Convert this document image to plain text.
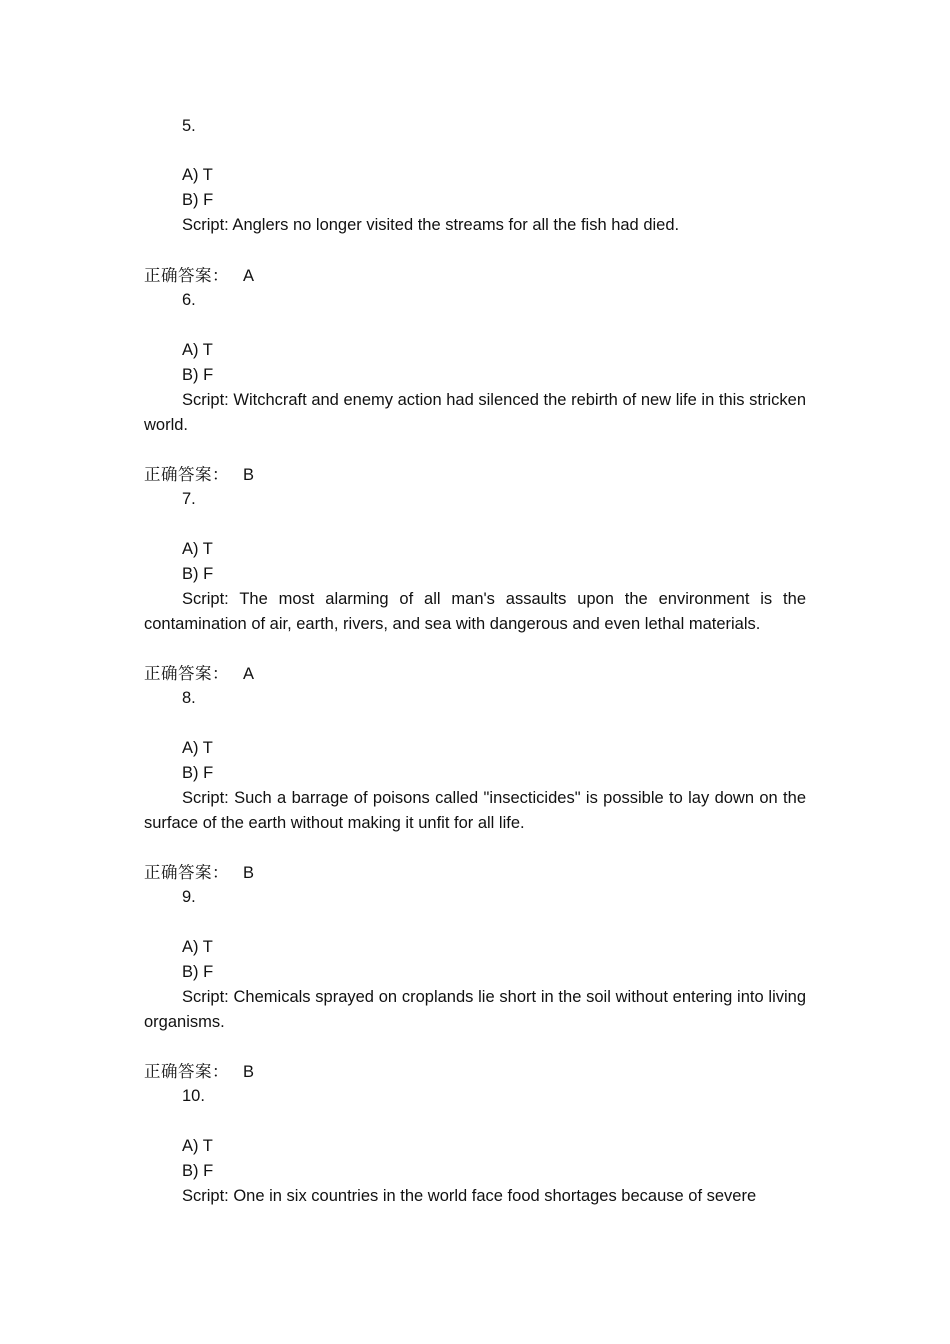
5.
A) T
B) F
Script: Anglers no longer visited the streams for all the fish had died.
正确答案： A
6.
A) T
B) F
Script: Witchcraft and enemy action had silenced the rebirth of new life in this stricken world.
正确答案： B
7.
A) T
B) F
Script: The most alarming of all man's assaults upon the environment is the contamination of air, earth, rivers, and sea with dangerous and even lethal materials.
正确答案： A
8.
A) T
B) F
Script: Such a barrage of poisons called "insecticides" is possible to lay down on the surface of the earth without making it unfit for all life.
正确答案： B
9.
A) T
B) F
Script: Chemicals sprayed on croplands lie short in the soil without entering into living organisms.
正确答案： B
10.
A) T
B) F
Script: One in six countries in the world face food shortages because of severe
